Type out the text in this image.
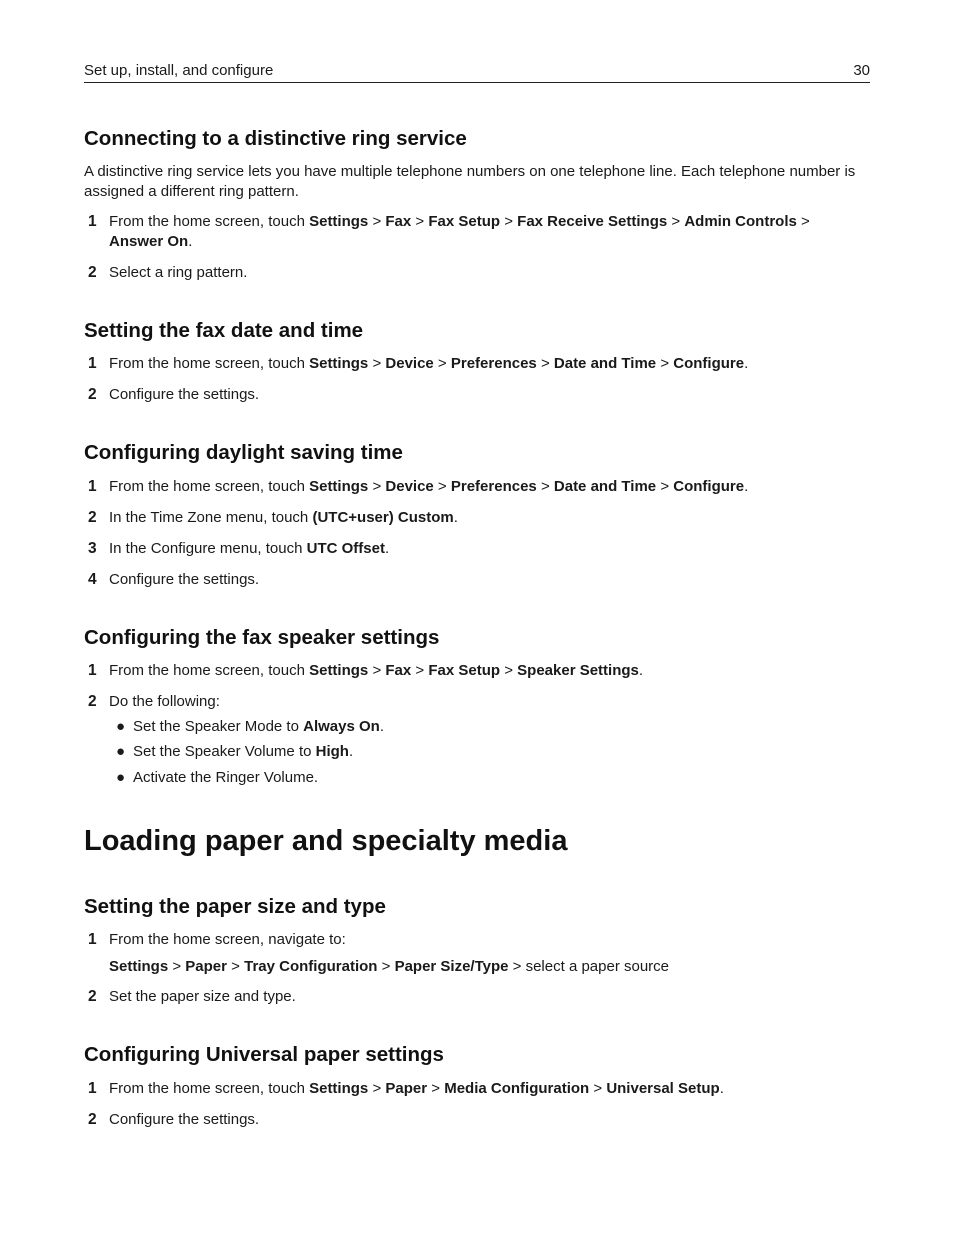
Set up, install, and configure	30
Connecting to a distinctive ring service

A distinctive ring service lets you have multiple telephone numbers on one telephone line. Each telephone number is assigned a different ring pattern.

1 From the home screen, touch Settings > Fax > Fax Setup > Fax Receive Settings > Admin Controls >
Answer On.
2 Select a ring pattern.
Setting the fax date and time
1 From the home screen, touch Settings > Device > Preferences > Date and Time > Configure.
2 Configure the settings.
Configuring daylight saving time
1 From the home screen, touch Settings > Device > Preferences > Date and Time > Configure.
2 In the Time Zone menu, touch (UTC+user) Custom.
3 In the Configure menu, touch UTC Offset.
4 Configure the settings.
Configuring the fax speaker settings
1 From the home screen, touch Settings > Fax > Fax Setup > Speaker Settings.
2 Do the following:
● Set the Speaker Mode to Always On.
● Set the Speaker Volume to High.
● Activate the Ringer Volume.
Loading paper and specialty media
Setting the paper size and type
1 From the home screen, navigate to:
Settings > Paper > Tray Configuration > Paper Size/Type > select a paper source
2 Set the paper size and type.
Configuring Universal paper settings
1 From the home screen, touch Settings > Paper > Media Configuration > Universal Setup.
2 Configure the settings.
